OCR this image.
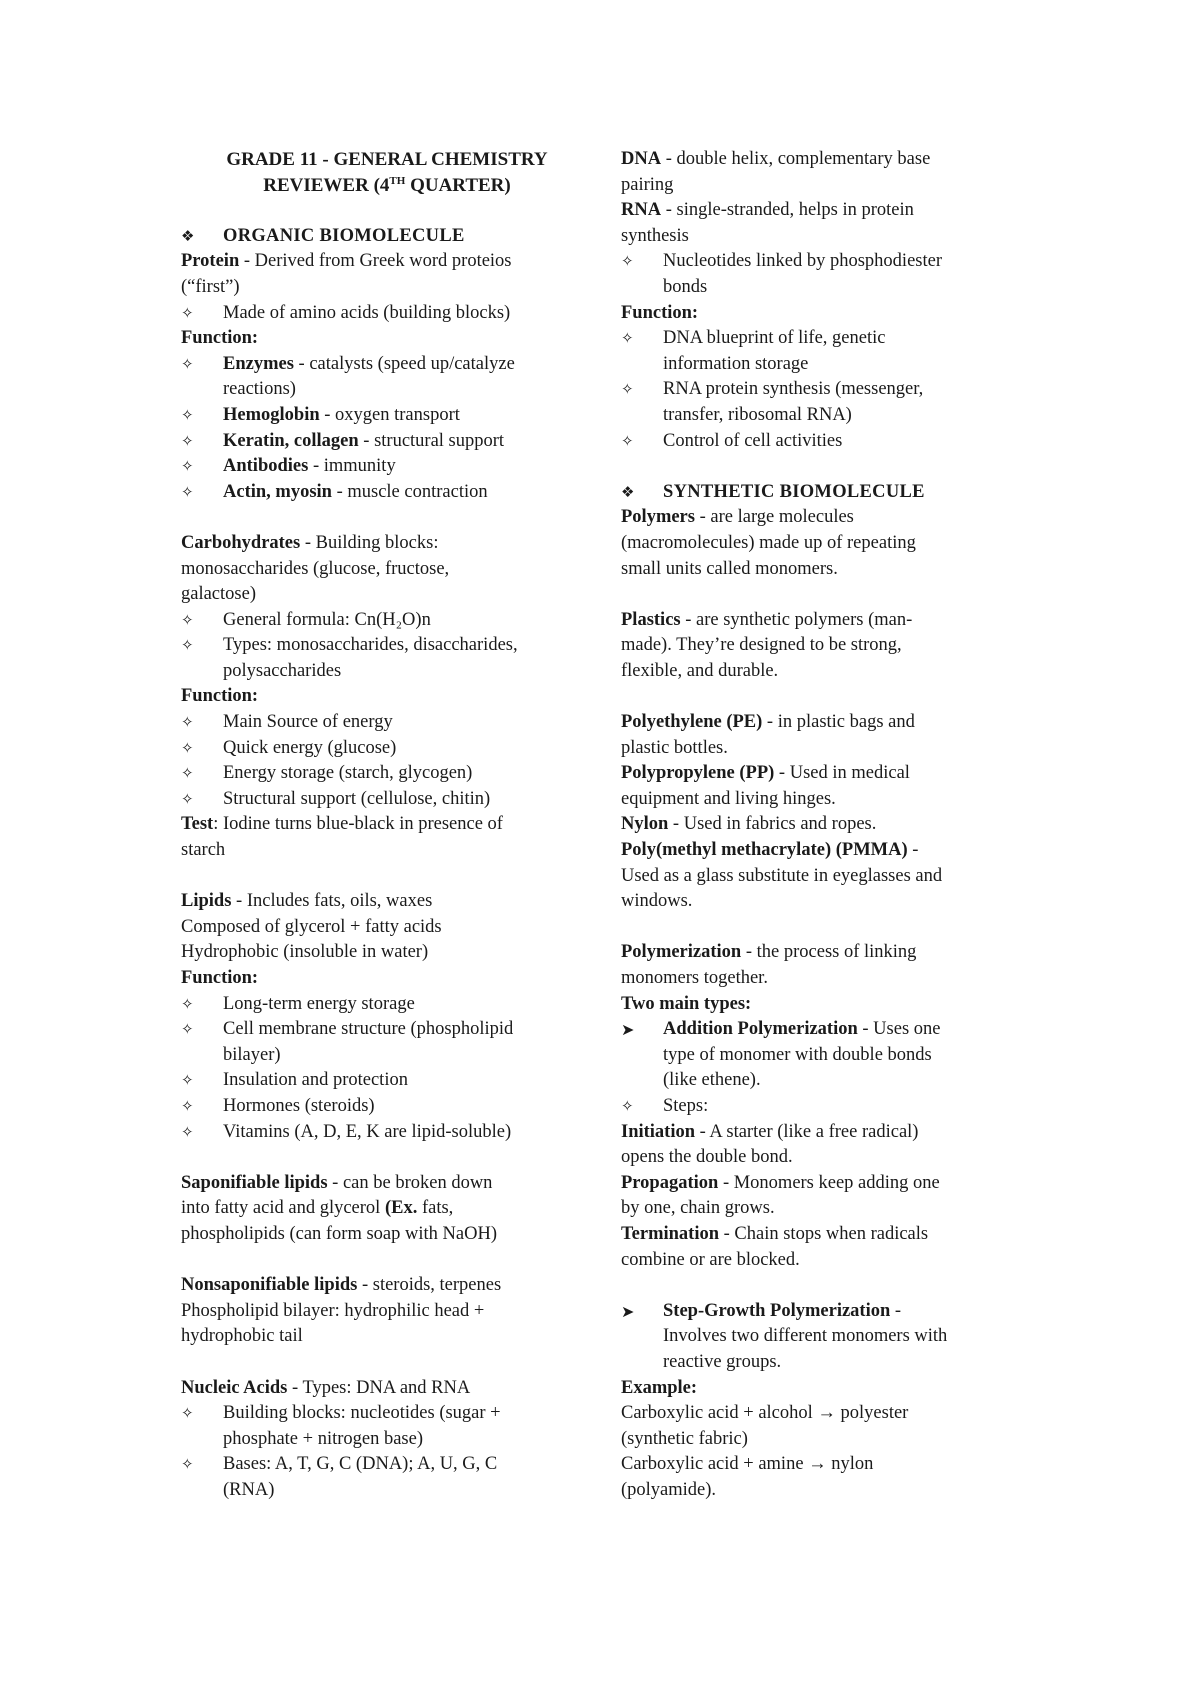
GRADE 11 - GENERAL CHEMISTRY
REVIEWER (4TH QUARTER)
❖ ORGANIC BIOMOLECULE
Protein - Derived from Greek word proteios
(“first”)
✧	Made of amino acids (building blocks)
Function:
✧	Enzymes - catalysts (speed up/catalyze
reactions)
✧	Hemoglobin - oxygen transport
✧	Keratin, collagen - structural support
✧	Antibodies - immunity
✧	Actin, myosin - muscle contraction
Carbohydrates - Building blocks:
monosaccharides (glucose, fructose,
galactose)
✧	General formula: Cn(H₂O)n
✧	Types: monosaccharides, disaccharides,
polysaccharides
Function:
✧	Main Source of energy
✧	Quick energy (glucose)
✧	Energy storage (starch, glycogen)
✧	Structural support (cellulose, chitin)
Test: Iodine turns blue-black in presence of
starch
Lipids - Includes fats, oils, waxes
Composed of glycerol + fatty acids
Hydrophobic (insoluble in water)
Function:
✧	Long-term energy storage
✧	Cell membrane structure (phospholipid
bilayer)
✧	Insulation and protection
✧	Hormones (steroids)
✧	Vitamins (A, D, E, K are lipid-soluble)
Saponifiable lipids - can be broken down
into fatty acid and glycerol (Ex. fats,
phospholipids (can form soap with NaOH)
Nonsaponifiable lipids - steroids, terpenes
Phospholipid bilayer: hydrophilic head +
hydrophobic tail
Nucleic Acids - Types: DNA and RNA
✧	Building blocks: nucleotides (sugar +
phosphate + nitrogen base)
✧	Bases: A, T, G, C (DNA); A, U, G, C
(RNA)
DNA - double helix, complementary base
pairing
RNA - single-stranded, helps in protein
synthesis
✧	Nucleotides linked by phosphodiester
bonds
Function:
✧	DNA blueprint of life, genetic
information storage
✧	RNA protein synthesis (messenger,
transfer, ribosomal RNA)
✧	Control of cell activities
❖ SYNTHETIC BIOMOLECULE
Polymers - are large molecules
(macromolecules) made up of repeating
small units called monomers.
Plastics - are synthetic polymers (man-
made). They’re designed to be strong,
flexible, and durable.
Polyethylene (PE) - in plastic bags and
plastic bottles.
Polypropylene (PP) - Used in medical
equipment and living hinges.
Nylon - Used in fabrics and ropes.
Poly(methyl methacrylate) (PMMA) -
Used as a glass substitute in eyeglasses and
windows.
Polymerization - the process of linking
monomers together.
Two main types:
➤	Addition Polymerization - Uses one
type of monomer with double bonds
(like ethene).
✧	Steps:
Initiation - A starter (like a free radical)
opens the double bond.
Propagation - Monomers keep adding one
by one, chain grows.
Termination - Chain stops when radicals
combine or are blocked.
➤	Step-Growth Polymerization -
Involves two different monomers with
reactive groups.
Example:
Carboxylic acid + alcohol → polyester
(synthetic fabric)
Carboxylic acid + amine → nylon
(polyamide).
